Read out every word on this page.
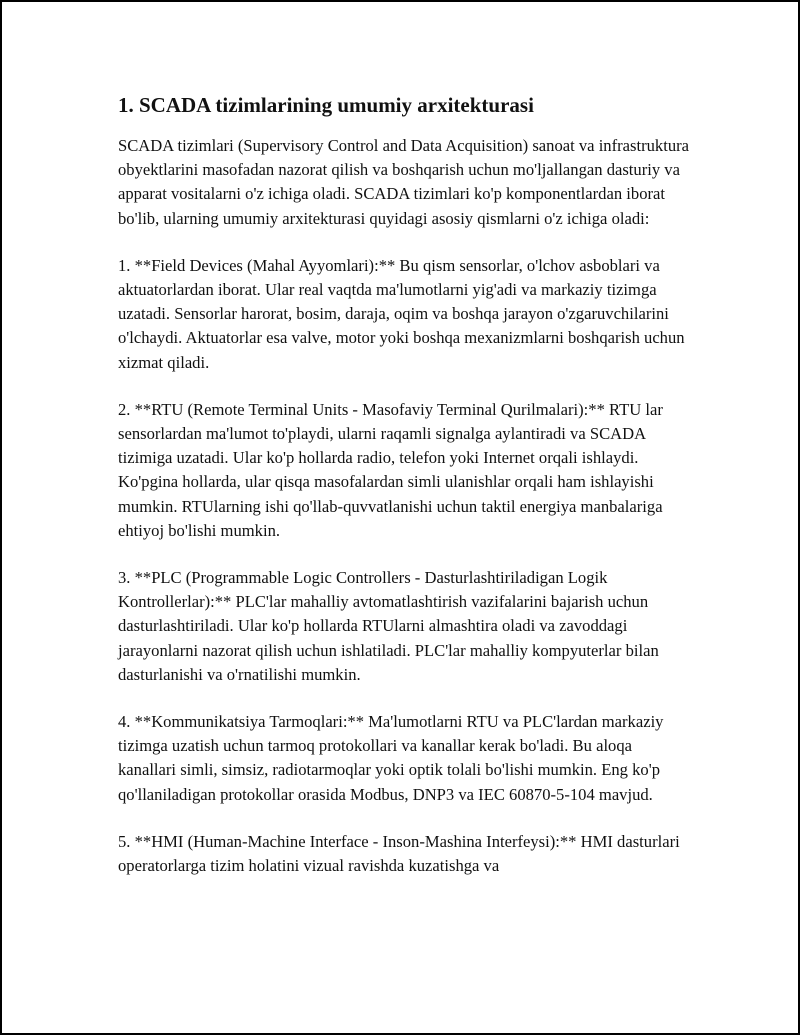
1. SCADA tizimlarining umumiy arxitekturasi

SCADA tizimlari (Supervisory Control and Data Acquisition) sanoat va infrastruktura obyektlarini masofadan nazorat qilish va boshqarish uchun mo'ljallangan dasturiy va apparat vositalarni o'z ichiga oladi. SCADA tizimlari ko'p komponentlardan iborat bo'lib, ularning umumiy arxitekturasi quyidagi asosiy qismlarni o'z ichiga oladi:

1. **Field Devices (Mahal Ayyomlari):** Bu qism sensorlar, o'lchov asboblari va aktuatorlardan iborat. Ular real vaqtda ma'lumotlarni yig'adi va markaziy tizimga uzatadi. Sensorlar harorat, bosim, daraja, oqim va boshqa jarayon o'zgaruvchilarini o'lchaydi. Aktuatorlar esa valve, motor yoki boshqa mexanizmlarni boshqarish uchun xizmat qiladi.

2. **RTU (Remote Terminal Units - Masofaviy Terminal Qurilmalari):** RTU lar sensorlardan ma'lumot to'playdi, ularni raqamli signalga aylantiradi va SCADA tizimiga uzatadi. Ular ko'p hollarda radio, telefon yoki Internet orqali ishlaydi. Ko'pgina hollarda, ular qisqa masofalardan simli ulanishlar orqali ham ishlayishi mumkin. RTUlarning ishi qo'llab-quvvatlanishi uchun taktil energiya manbalariga ehtiyoj bo'lishi mumkin.

3. **PLC (Programmable Logic Controllers - Dasturlashtiriladigan Logik Kontrollerlar):** PLC'lar mahalliy avtomatlashtirish vazifalarini bajarish uchun dasturlashtiriladi. Ular ko'p hollarda RTUlarni almashtira oladi va zavoddagi jarayonlarni nazorat qilish uchun ishlatiladi. PLC'lar mahalliy kompyuterlar bilan dasturlanishi va o'rnatilishi mumkin.

4. **Kommunikatsiya Tarmoqlari:** Ma'lumotlarni RTU va PLC'lardan markaziy tizimga uzatish uchun tarmoq protokollari va kanallar kerak bo'ladi. Bu aloqa kanallari simli, simsiz, radiotarmoqlar yoki optik tolali bo'lishi mumkin. Eng ko'p qo'llaniladigan protokollar orasida Modbus, DNP3 va IEC 60870-5-104 mavjud.

5. **HMI (Human-Machine Interface - Inson-Mashina Interfeysi):** HMI dasturlari operatorlarga tizim holatini vizual ravishda kuzatishga va
